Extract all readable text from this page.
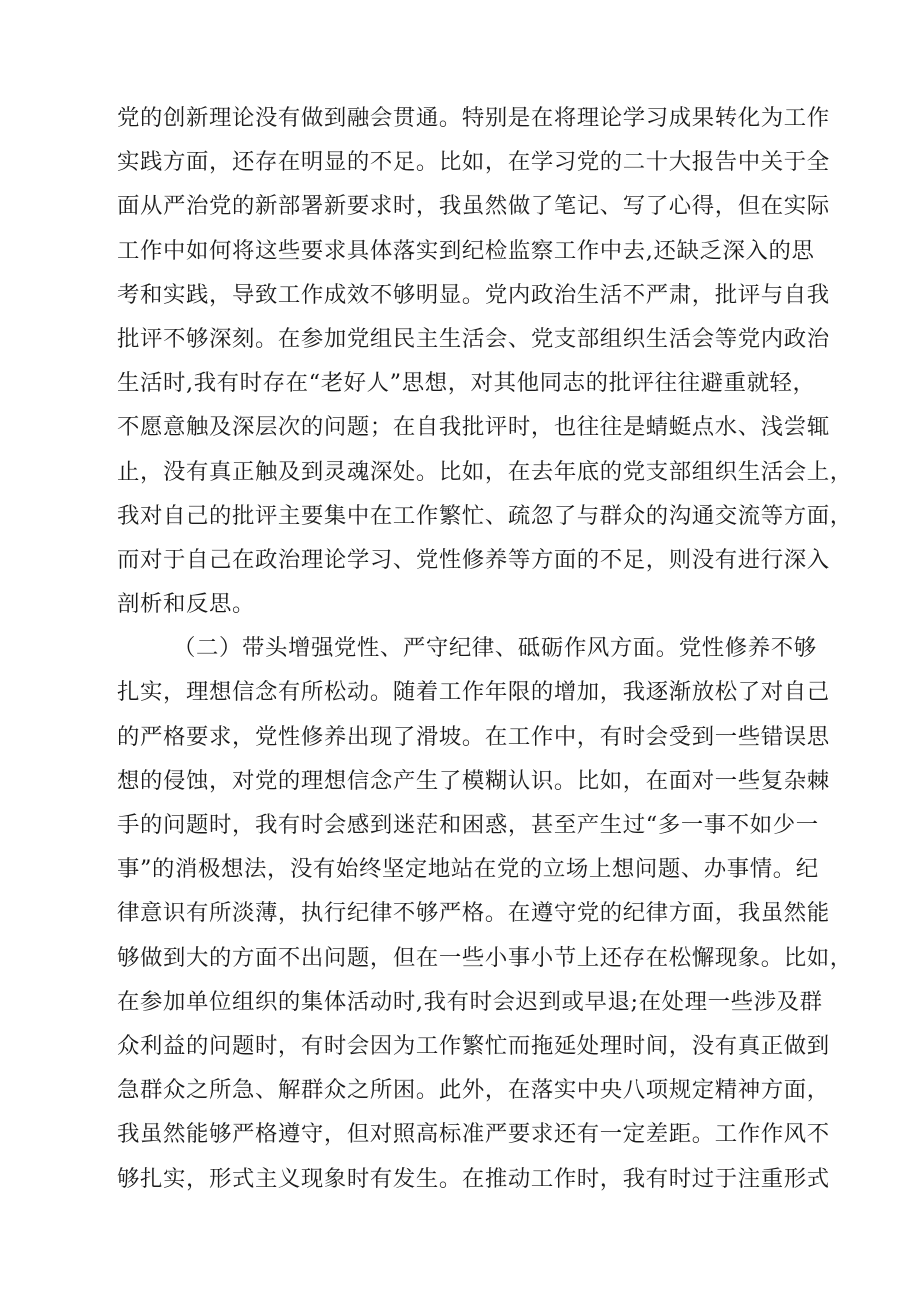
党的创新理论没有做到融会贯通。特别是在将理论学习成果转化为工作
实践方面，还存在明显的不足。比如，在学习党的二十大报告中关于全
面从严治党的新部署新要求时，我虽然做了笔记、写了心得，但在实际
工作中如何将这些要求具体落实到纪检监察工作中去,还缺乏深入的思
考和实践，导致工作成效不够明显。党内政治生活不严肃，批评与自我
批评不够深刻。在参加党组民主生活会、党支部组织生活会等党内政治
生活时,我有时存在“老好人”思想，对其他同志的批评往往避重就轻，
不愿意触及深层次的问题；在自我批评时，也往往是蜻蜓点水、浅尝辄
止，没有真正触及到灵魂深处。比如，在去年底的党支部组织生活会上，
我对自己的批评主要集中在工作繁忙、疏忽了与群众的沟通交流等方面，
而对于自己在政治理论学习、党性修养等方面的不足，则没有进行深入
剖析和反思。
（二）带头增强党性、严守纪律、砥砺作风方面。党性修养不够
扎实，理想信念有所松动。随着工作年限的增加，我逐渐放松了对自己
的严格要求，党性修养出现了滑坡。在工作中，有时会受到一些错误思
想的侵蚀，对党的理想信念产生了模糊认识。比如，在面对一些复杂棘
手的问题时，我有时会感到迷茫和困惑，甚至产生过“多一事不如少一
事”的消极想法，没有始终坚定地站在党的立场上想问题、办事情。纪
律意识有所淡薄，执行纪律不够严格。在遵守党的纪律方面，我虽然能
够做到大的方面不出问题，但在一些小事小节上还存在松懈现象。比如，
在参加单位组织的集体活动时,我有时会迟到或早退;在处理一些涉及群
众利益的问题时，有时会因为工作繁忙而拖延处理时间，没有真正做到
急群众之所急、解群众之所困。此外，在落实中央八项规定精神方面，
我虽然能够严格遵守，但对照高标准严要求还有一定差距。工作作风不
够扎实，形式主义现象时有发生。在推动工作时，我有时过于注重形式
